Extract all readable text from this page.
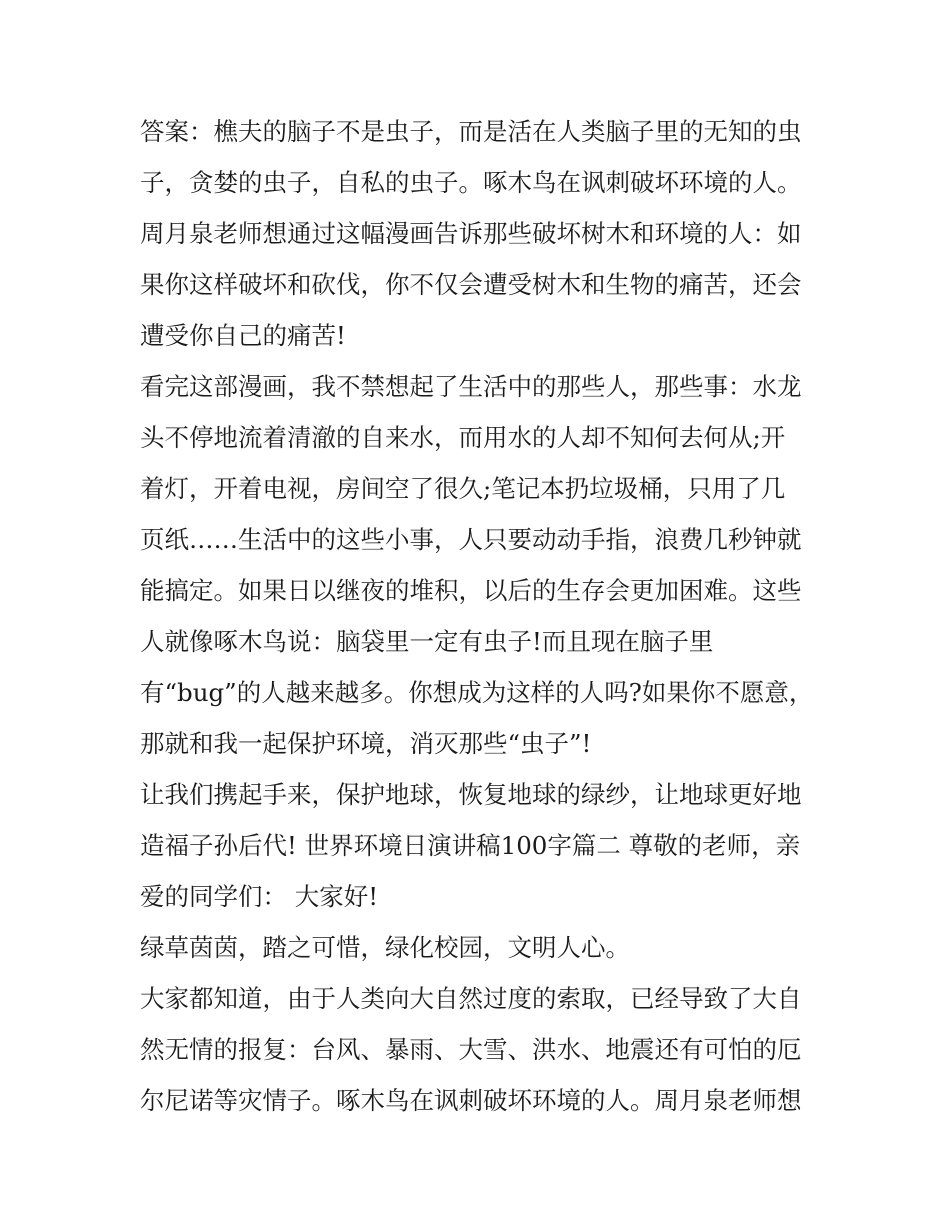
答案：樵夫的脑子不是虫子，而是活在人类脑子里的无知的虫
子，贪婪的虫子，自私的虫子。啄木鸟在讽刺破坏环境的人。
周月泉老师想通过这幅漫画告诉那些破坏树木和环境的人：如
果你这样破坏和砍伐，你不仅会遭受树木和生物的痛苦，还会
遭受你自己的痛苦!
看完这部漫画，我不禁想起了生活中的那些人，那些事：水龙
头不停地流着清澈的自来水，而用水的人却不知何去何从;开
着灯，开着电视，房间空了很久;笔记本扔垃圾桶，只用了几
页纸……生活中的这些小事，人只要动动手指，浪费几秒钟就
能搞定。如果日以继夜的堆积，以后的生存会更加困难。这些
人就像啄木鸟说：脑袋里一定有虫子!而且现在脑子里
有“bug”的人越来越多。你想成为这样的人吗?如果你不愿意，
那就和我一起保护环境，消灭那些“虫子”!
让我们携起手来，保护地球，恢复地球的绿纱，让地球更好地
造福子孙后代! 世界环境日演讲稿100字篇二 尊敬的老师，亲
爱的同学们： 大家好!
绿草茵茵，踏之可惜，绿化校园，文明人心。
大家都知道，由于人类向大自然过度的索取，已经导致了大自
然无情的报复：台风、暴雨、大雪、洪水、地震还有可怕的厄
尔尼诺等灾情子。啄木鸟在讽刺破坏环境的人。周月泉老师想
